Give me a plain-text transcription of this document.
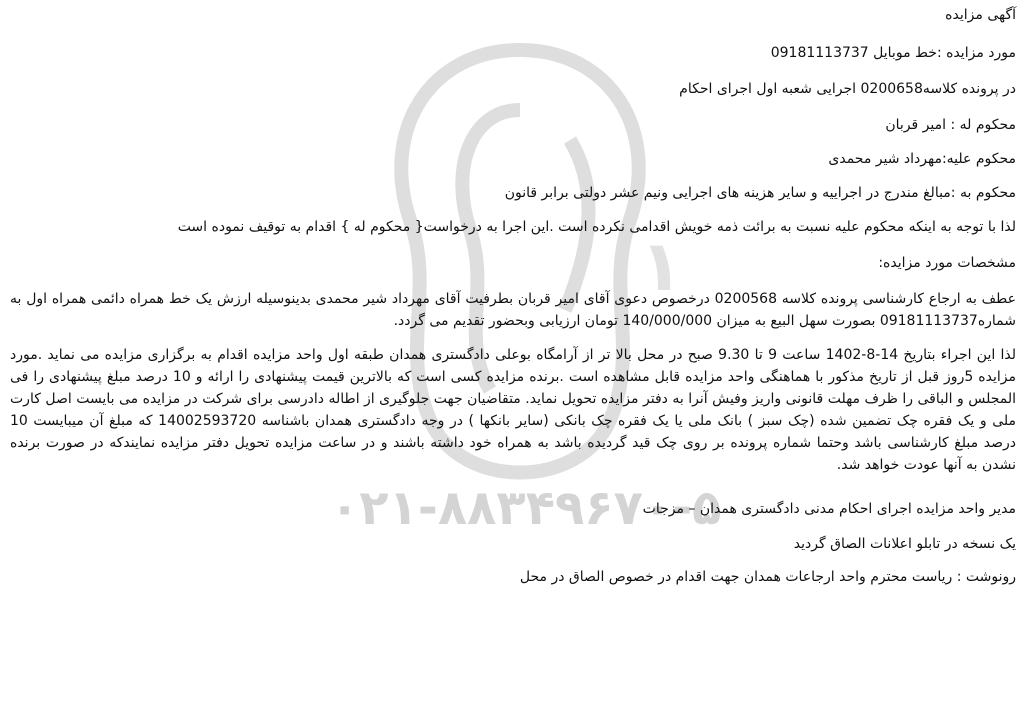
۱
۰۲۱-۸۸۳۴۹۶۷۰-۵
آگهی مزایده
مورد مزایده :خط موبایل 09181113737
در پرونده کلاسه0200658 اجرایی شعبه اول اجرای احکام
محکوم له : امیر قربان
محکوم علیه:مهرداد شیر محمدی
محکوم به :مبالغ مندرج در اجراییه و سایر هزینه های اجرایی ونیم عشر دولتی برابر قانون
لذا با توجه به اینکه محکوم علیه نسبت به برائت ذمه خویش اقدامی نکرده است .این اجرا به درخواست{ محکوم له } اقدام به توقیف نموده است
مشخصات مورد مزایده:
عطف به ارجاع کارشناسی پرونده کلاسه 0200568 درخصوص دعوی آقای امیر قربان بطرفیت آقای مهرداد شیر محمدی بدینوسیله ارزش یک خط همراه دائمی همراه اول به شماره09181113737 بصورت سهل البیع به میزان 140/000/000 تومان ارزیابی وبحضور تقدیم می گردد.
لذا این اجراء بتاریخ 14-8-1402 ساعت 9 تا 9.30 صبح در محل بالا تر از آرامگاه بوعلی دادگستری همدان طبقه اول واحد مزایده اقدام به برگزاری مزایده می نماید .مورد مزایده 5روز قبل از تاریخ مذکور با هماهنگی واحد مزایده قابل مشاهده است .برنده مزایده کسی است که بالاترین قیمت پیشنهادی را ارائه و 10 درصد مبلغ پیشنهادی را فی المجلس و الباقی را ظرف مهلت قانونی واریز وفیش آنرا به دفتر مزایده تحویل نماید. متقاضیان جهت جلوگیری از اطاله دادرسی برای شرکت در مزایده می بایست اصل کارت ملی و یک فقره چک تضمین شده (چک سبز ) بانک ملی یا یک فقره چک بانکی (سایر بانکها ) در وجه دادگستری همدان باشناسه 14002593720 که مبلغ آن میبایست 10 درصد مبلغ کارشناسی باشد وحتما شماره پرونده بر روی چک قید گردیده باشد به همراه خود داشته باشند و در ساعت مزایده تحویل دفتر مزایده نمایندکه در صورت برنده نشدن به آنها عودت خواهد شد.
مدیر واحد مزایده اجرای احکام مدنی دادگستری همدان – مزجات
یک نسخه در تابلو اعلانات الصاق گردید
رونوشت : ریاست محترم واحد ارجاعات همدان جهت اقدام در خصوص الصاق در محل
